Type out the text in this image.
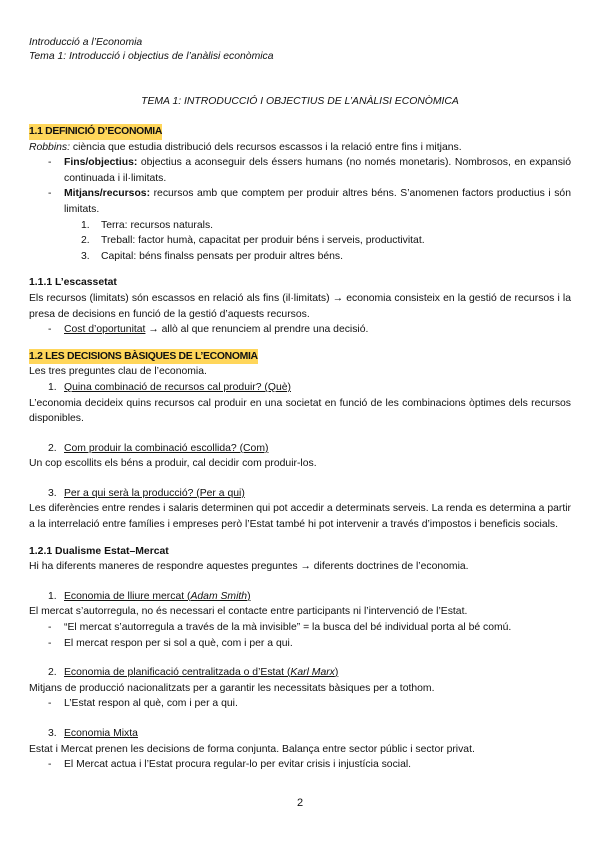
Introducció a l’Economia
Tema 1: Introducció i objectius de l’anàlisi econòmica
TEMA 1: INTRODUCCIÓ I OBJECTIUS DE L’ANÀLISI ECONÒMICA

1.1 DEFINICIÓ D’ECONOMIA

Robbins: ciència que estudia distribució dels recursos escassos i la relació entre fins i mitjans.

- Fins/objectius: objectius a aconseguir dels éssers humans (no només monetaris). Nombrosos, en expansió continuada i il·limitats.

- Mitjans/recursos: recursos amb que comptem per produir altres béns. S’anomenen factors productius i són limitats.

1. Terra: recursos naturals.

2. Treball: factor humà, capacitat per produir béns i serveis, productivitat.

3. Capital: béns finalss pensats per produir altres béns.

1.1.1 L’escassetat

Els recursos (limitats) són escassos en relació als fins (il·limitats) → economia consisteix en la gestió de recursos i la presa de decisions en funció de la gestió d’aquests recursos.

- Cost d’oportunitat → allò al que renunciem al prendre una decisió.

1.2 LES DECISIONS BÀSIQUES DE L’ECONOMIA

Les tres preguntes clau de l’economia.

1. Quina combinació de recursos cal produir? (Què)

L’economia decideix quins recursos cal produir en una societat en funció de les combinacions òptimes dels recursos disponibles.

2. Com produir la combinació escollida? (Com)

Un cop escollits els béns a produir, cal decidir com produir-los.

3. Per a qui serà la producció? (Per a qui)

Les diferències entre rendes i salaris determinen qui pot accedir a determinats serveis. La renda es determina a partir a la interrelació entre famílies i empreses però l’Estat també hi pot intervenir a través d’impostos i beneficis socials.

1.2.1 Dualisme Estat–Mercat

Hi ha diferents maneres de respondre aquestes preguntes → diferents doctrines de l’economia.

1. Economia de lliure mercat (Adam Smith)

El mercat s’autorregula, no és necessari el contacte entre participants ni l’intervenció de l’Estat.

- “El mercat s’autorregula a través de la mà invisible” = la busca del bé individual porta al bé comú.

- El mercat respon per si sol a què, com i per a qui.

2. Economia de planificació centralitzada o d’Estat (Karl Marx)

Mitjans de producció nacionalitzats per a garantir les necessitats bàsiques per a tothom.

- L’Estat respon al què, com i per a qui.

3. Economia Mixta

Estat i Mercat prenen les decisions de forma conjunta. Balança entre sector públic i sector privat.

- El Mercat actua i l’Estat procura regular-lo per evitar crisis i injustícia social.

2
